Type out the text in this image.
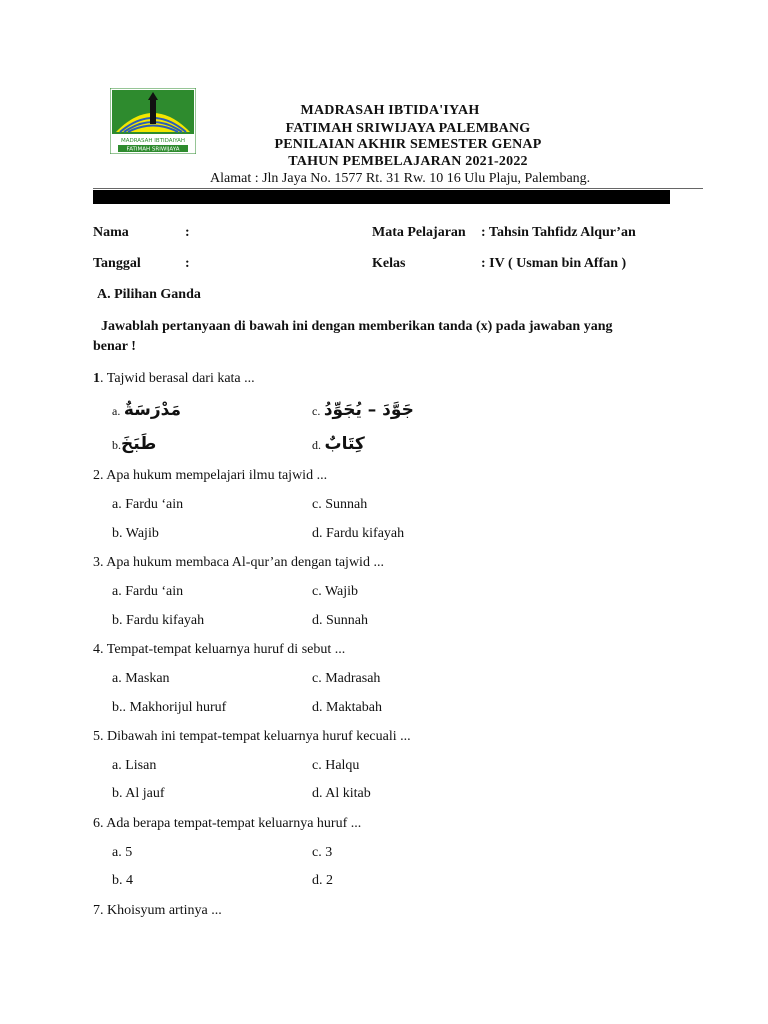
MADRASAH IBTIDAIYAH
FATIMAH SRIWIJAYA
MADRASAH IBTIDA'IYAH
FATIMAH SRIWIJAYA PALEMBANG
PENILAIAN AKHIR SEMESTER GENAP
TAHUN PEMBELAJARAN 2021-2022
Alamat : Jln Jaya No. 1577 Rt. 31 Rw. 10 16 Ulu Plaju, Palembang.
Nama	:	Mata Pelajaran : Tahsin Tahfidz Alqur’an
Tanggal	:	Kelas	: IV ( Usman bin Affan )
A. Pilihan Ganda
Jawablah pertanyaan di bawah ini dengan memberikan tanda (x) pada jawaban yang
benar !
1. Tajwid berasal dari kata ...
a. مَدْرَسَةٌ	c. جَوَّدَ – يُجَوِّدُ
b.طَبَخَ	d. كِتَابٌ
2. Apa hukum mempelajari ilmu tajwid ...
a. Fardu ‘ain	c. Sunnah
b. Wajib	d. Fardu kifayah
3. Apa hukum membaca Al-qur’an dengan tajwid ...
a. Fardu ‘ain	c. Wajib
b. Fardu kifayah	d. Sunnah
4. Tempat-tempat keluarnya huruf di sebut ...
a. Maskan	c. Madrasah
b.. Makhorijul huruf	d. Maktabah
5. Dibawah ini tempat-tempat keluarnya huruf kecuali ...
a. Lisan	c. Halqu
b. Al jauf	d. Al kitab
6. Ada berapa tempat-tempat keluarnya huruf ...
a. 5	c. 3
b. 4	d. 2
7. Khoisyum artinya ...
